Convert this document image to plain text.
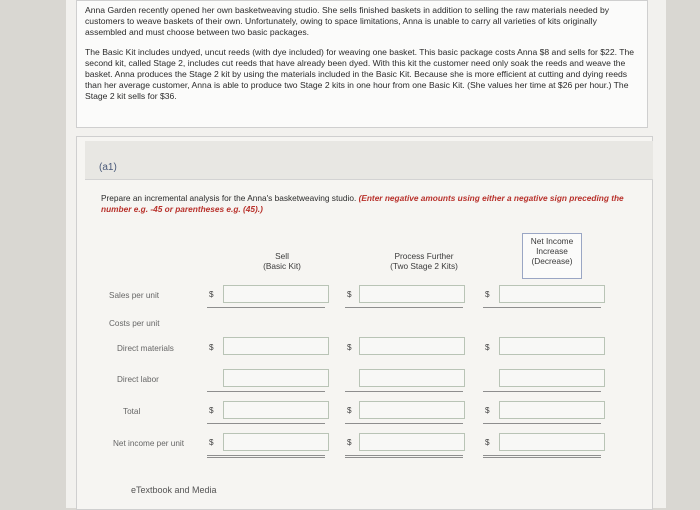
Anna Garden recently opened her own basketweaving studio. She sells finished baskets in addition to selling the raw materials needed by customers to weave baskets of their own. Unfortunately, owing to space limitations, Anna is unable to carry all varieties of kits originally assembled and must choose between two basic packages.

The Basic Kit includes undyed, uncut reeds (with dye included) for weaving one basket. This basic package costs Anna $8 and sells for $22. The second kit, called Stage 2, includes cut reeds that have already been dyed. With this kit the customer need only soak the reeds and weave the basket. Anna produces the Stage 2 kit by using the materials included in the Basic Kit. Because she is more efficient at cutting and dying reeds than her average customer, Anna is able to produce two Stage 2 kits in one hour from one Basic Kit. (She values her time at $26 per hour.) The Stage 2 kit sells for $36.

(a1)
Prepare an incremental analysis for the Anna's basketweaving studio. (Enter negative amounts using either a negative sign preceding the number e.g. -45 or parentheses e.g. (45).)
Sell
(Basic Kit)
Process Further
(Two Stage 2 Kits)
Net Income
Increase
(Decrease)
Sales per unit	$	$	$
Costs per unit
Direct materials	$	$	$
Direct labor
Total	$	$	$
Net income per unit	$	$	$
eTextbook and Media
